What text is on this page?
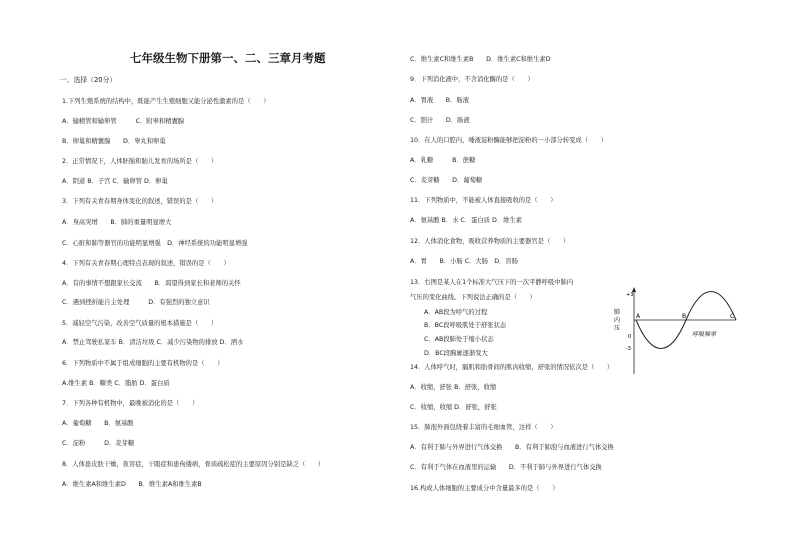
七年级生物下册第一、二、三章月考题
一、选择（20分）
1.下列生殖系统的结构中，既能产生生殖细胞又能分泌性激素的是（　　）
A．输精管和输卵管　　　C．附睾和精囊腺
B．卵巢和精囊腺　　D．睾丸和卵巢
2．正常情况下，人体胚胎和胎儿发育的场所是（　　）
A．阴道 B．子宫 C．输卵管 D．卵巢
3．下列有关青春期身体变化的叙述，错误的是（　　）
A．身高突增　　B．肺的重量明显增大
C．心脏和肺等器官的功能明显增强　D．神经系统的功能明显增强
4．下列有关青春期心理特点表现的叙述，错误的是（　　）
A．有的事情不想跟家长交流　　B．渴望得到家长和老师的关怀
C．遇到挫折能自主处理　　　D．有强烈的独立意识
5．减轻空气污染，改善空气质量的根本措施是（　　）
A．禁止驾驶私家车 B．清洁垃圾 C．减少污染物的排放 D．洒水
6．下列物质中不属于组成细胞的主要有机物的是（　　）
A.维生素 B．糖类 C．脂肪 D．蛋白质
7．下列各种有机物中，最晚被消化的是（　　）
A．葡萄糖　　B．氨基酸
C．淀粉　　　D．麦芽糖
8．人体患皮肤干燥，夜盲症，干眼症和患佝偻病，骨质疏松症的主要原因分别是缺乏（　　）
A．维生素A和维生素D　　B．维生素A和维生素B
C．维生素C和维生素B　　D．维生素C和维生素D
9．下列消化液中，不含消化酶的是（　　）
A．胃液　　B．肠液
C．胆汁　　D．肠液
10．在人的口腔内，唾液淀粉酶能够把淀粉的一小部分转变成（　　）
A．乳糖　　　B．蔗糖
C．麦芽糖　　D．葡萄糖
11．下列物质中，不能被人体直接吸收的是（　　）
A．氨基酸 B．水 C．蛋白质 D．维生素
12．人体消化食物，吸收营养物质的主要器官是（　　）
A．胃　　B．小肠 C．大肠　D．盲肠
13．右图是某人在1个标准大气压下的一次平静呼吸中肺内
气压的变化曲线。下列说法正确的是（　　）
A．AB段为呼气的过程
B．BC段呼吸肌处于舒张状态
C．AB段肺处于缩小状态
D．BC段胸廓逐渐变大
14．人体呼气时，膈肌和肋骨间的肌肉收缩，舒张的情况依次是（　　）
A．收缩，舒张 B．舒张，收缩
C．收缩，收缩 D．舒张，舒张
15．肺泡外面包绕着丰富的毛细血管，这样（　　）
A．有利于肺与外界进行气体交换　　B．有利于肺泡与血液进行气体交换
C．有利于气体在血液里的运输　　D．不利于肺与外界进行气体交换
16.构成人体细胞的主要成分中含量最多的是（　　）
肺
内
压
+3
0
-3
A	B	C
呼吸频率
